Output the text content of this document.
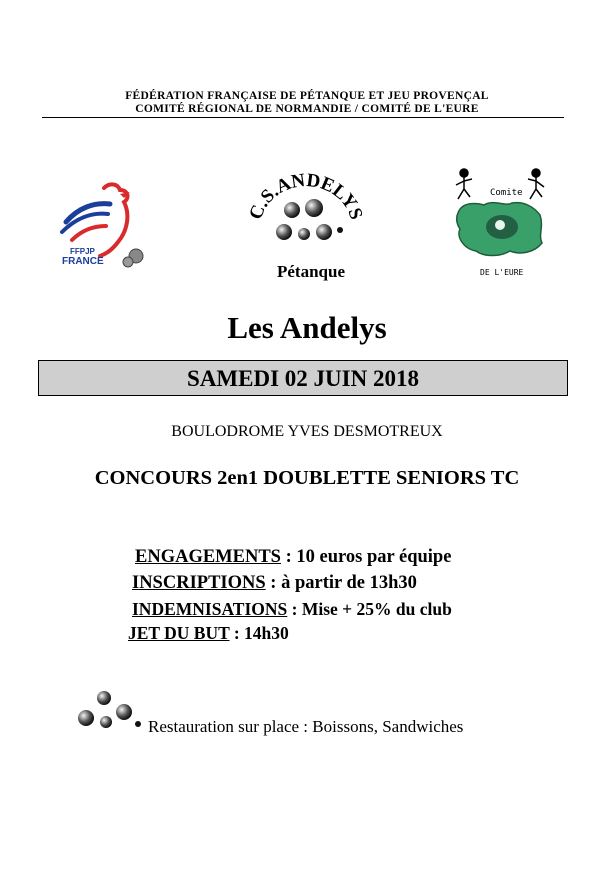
FÉDÉRATION FRANÇAISE DE PÉTANQUE ET JEU PROVENÇAL
COMITÉ RÉGIONAL DE NORMANDIE / COMITÉ DE L'EURE
FFPJP
FRANCE
.S.ANDELY
Pétanque
Comite
DE L'EURE
Les Andelys
SAMEDI 02 JUIN 2018
BOULODROME YVES DESMOTREUX
CONCOURS 2en1 DOUBLETTE SENIORS TC
ENGAGEMENTS : 10 euros par équipe
INSCRIPTIONS : à partir de 13h30
INDEMNISATIONS : Mise + 25% du club
JET DU BUT : 14h30
Restauration sur place : Boissons, Sandwiches
